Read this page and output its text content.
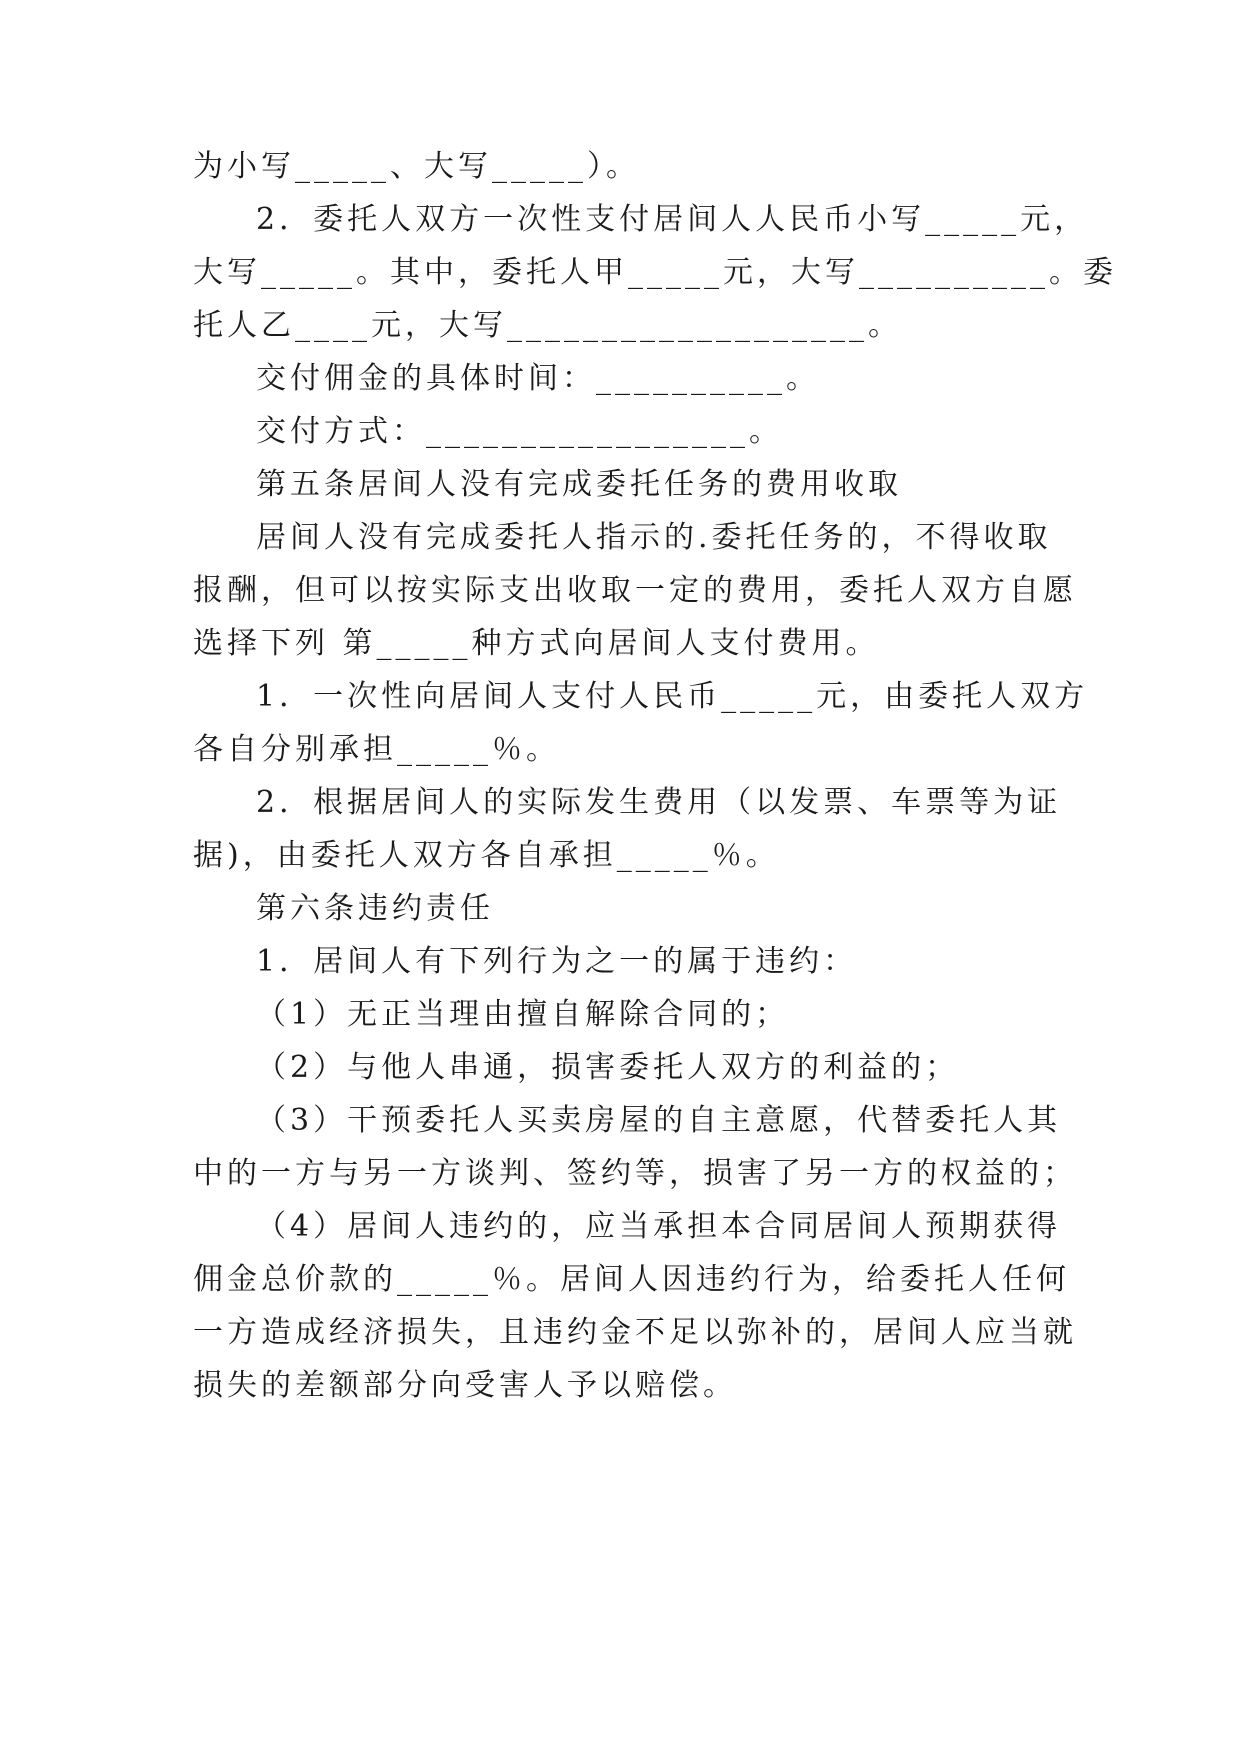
为小写_____、大写_____）。
2．委托人双方一次性支付居间人人民币小写_____元，
大写_____。其中，委托人甲_____元，大写__________。委
托人乙____元，大写___________________。
交付佣金的具体时间：__________。
交付方式：_________________。
第五条居间人没有完成委托任务的费用收取
居间人没有完成委托人指示的.委托任务的，不得收取
报酬，但可以按实际支出收取一定的费用，委托人双方自愿
选择下列 第_____种方式向居间人支付费用。
1．一次性向居间人支付人民币_____元，由委托人双方
各自分别承担_____％。
2．根据居间人的实际发生费用（以发票、车票等为证
据)，由委托人双方各自承担_____％。
第六条违约责任
1．居间人有下列行为之一的属于违约：
（1）无正当理由擅自解除合同的；
（2）与他人串通，损害委托人双方的利益的；
（3）干预委托人买卖房屋的自主意愿，代替委托人其
中的一方与另一方谈判、签约等，损害了另一方的权益的；
（4）居间人违约的，应当承担本合同居间人预期获得
佣金总价款的_____％。居间人因违约行为，给委托人任何
一方造成经济损失，且违约金不足以弥补的，居间人应当就
损失的差额部分向受害人予以赔偿。
